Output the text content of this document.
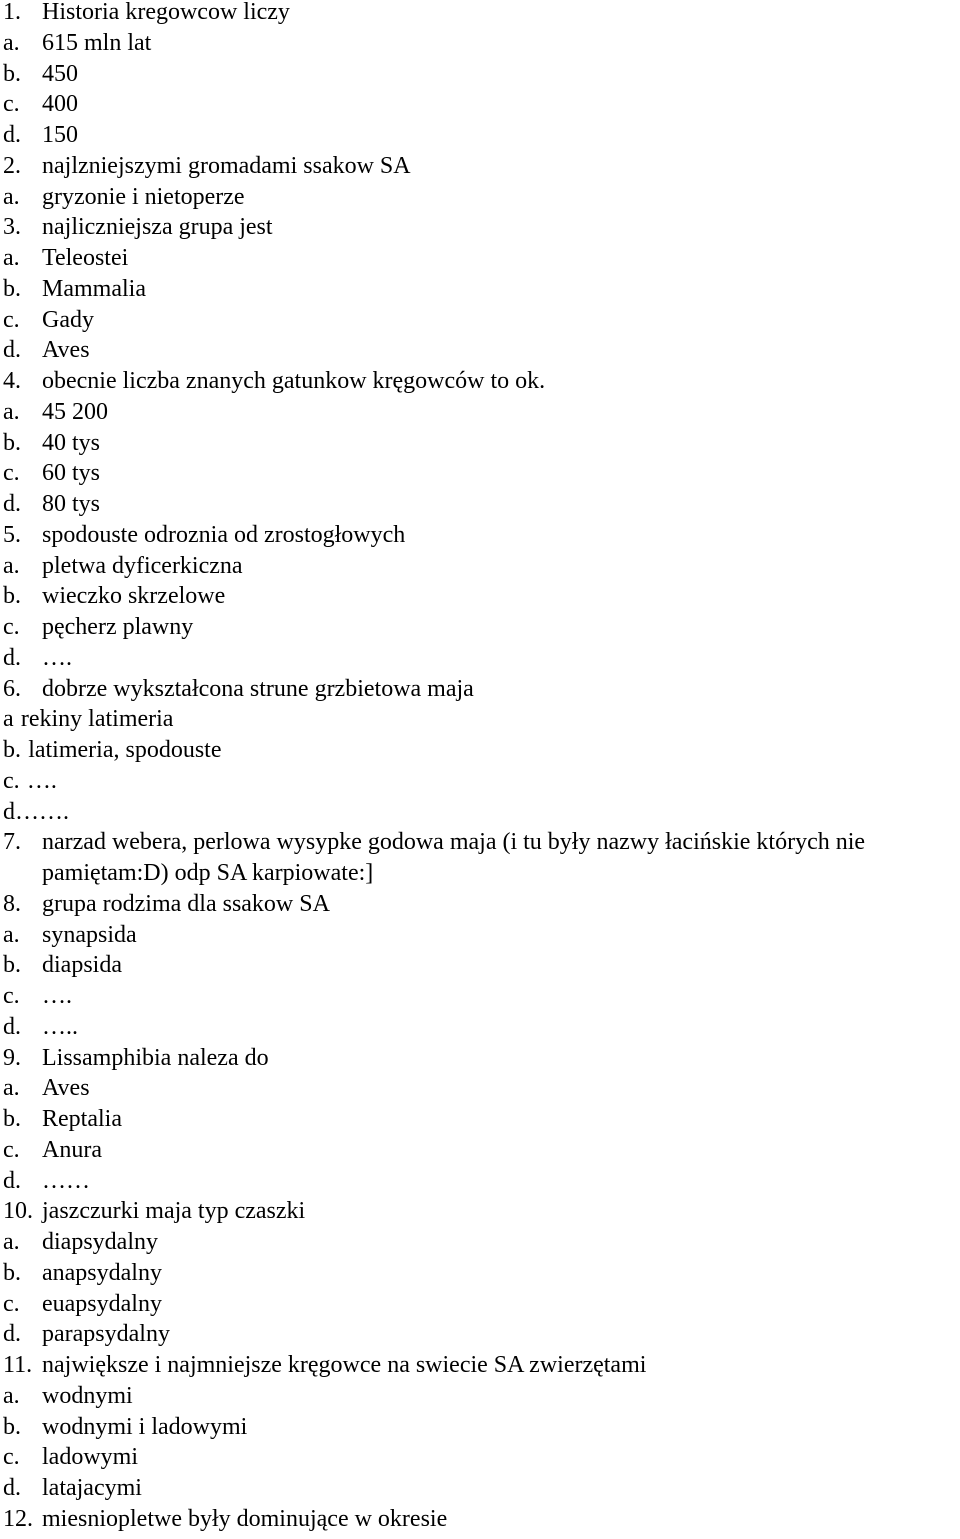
1. Historia kregowcow liczy
a. 615 mln lat
b. 450
c. 400
d. 150
2. najlzniejszymi gromadami ssakow SA
a. gryzonie i nietoperze
3. najliczniejsza grupa jest
a. Teleostei
b. Mammalia
c. Gady
d. Aves
4. obecnie liczba znanych gatunkow kręgowców to ok.
a. 45 200
b. 40 tys
c. 60 tys
d. 80 tys
5. spodouste odroznia od zrostogłowych
a. pletwa dyficerkiczna
b. wieczko skrzelowe
c. pęcherz plawny
d. ….
6. dobrze wykształcona strune grzbietowa maja
a rekiny latimeria
b. latimeria, spodouste
c. ….
d …….
7. narzad webera, perlowa wysypke godowa maja (i tu były nazwy łacińskie których nie pamiętam:D) odp SA karpiowate:]
8. grupa rodzima dla ssakow SA
a. synapsida
b. diapsida
c. ….
d. …..
9. Lissamphibia naleza do
a. Aves
b. Reptalia
c. Anura
d. ……
10. jaszczurki maja typ czaszki
a. diapsydalny
b. anapsydalny
c. euapsydalny
d. parapsydalny
11. największe i najmniejsze kręgowce na swiecie SA zwierzętami
a. wodnymi
b. wodnymi i ladowymi
c. ladowymi
d. latajacymi
12. miesniopletwe były dominujące w okresie
